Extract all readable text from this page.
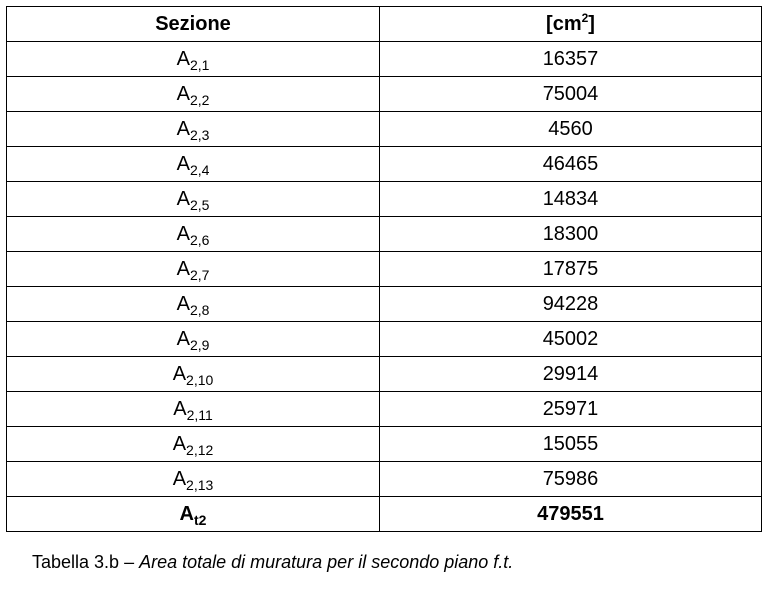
Sezione	$[cm^2]$
$A_{2,1}$	16357
$A_{2,2}$	75004
$A_{2,3}$	4560
$A_{2,4}$	46465
$A_{2,5}$	14834
$A_{2,6}$	18300
$A_{2,7}$	17875
$A_{2,8}$	94228
$A_{2,9}$	45002
$A_{2,10}$	29914
$A_{2,11}$	25971
$A_{2,12}$	15055
$A_{2,13}$	75986
$A_{t2}$	479551
Tabella 3.b – Area totale di muratura per il secondo piano f.t.
